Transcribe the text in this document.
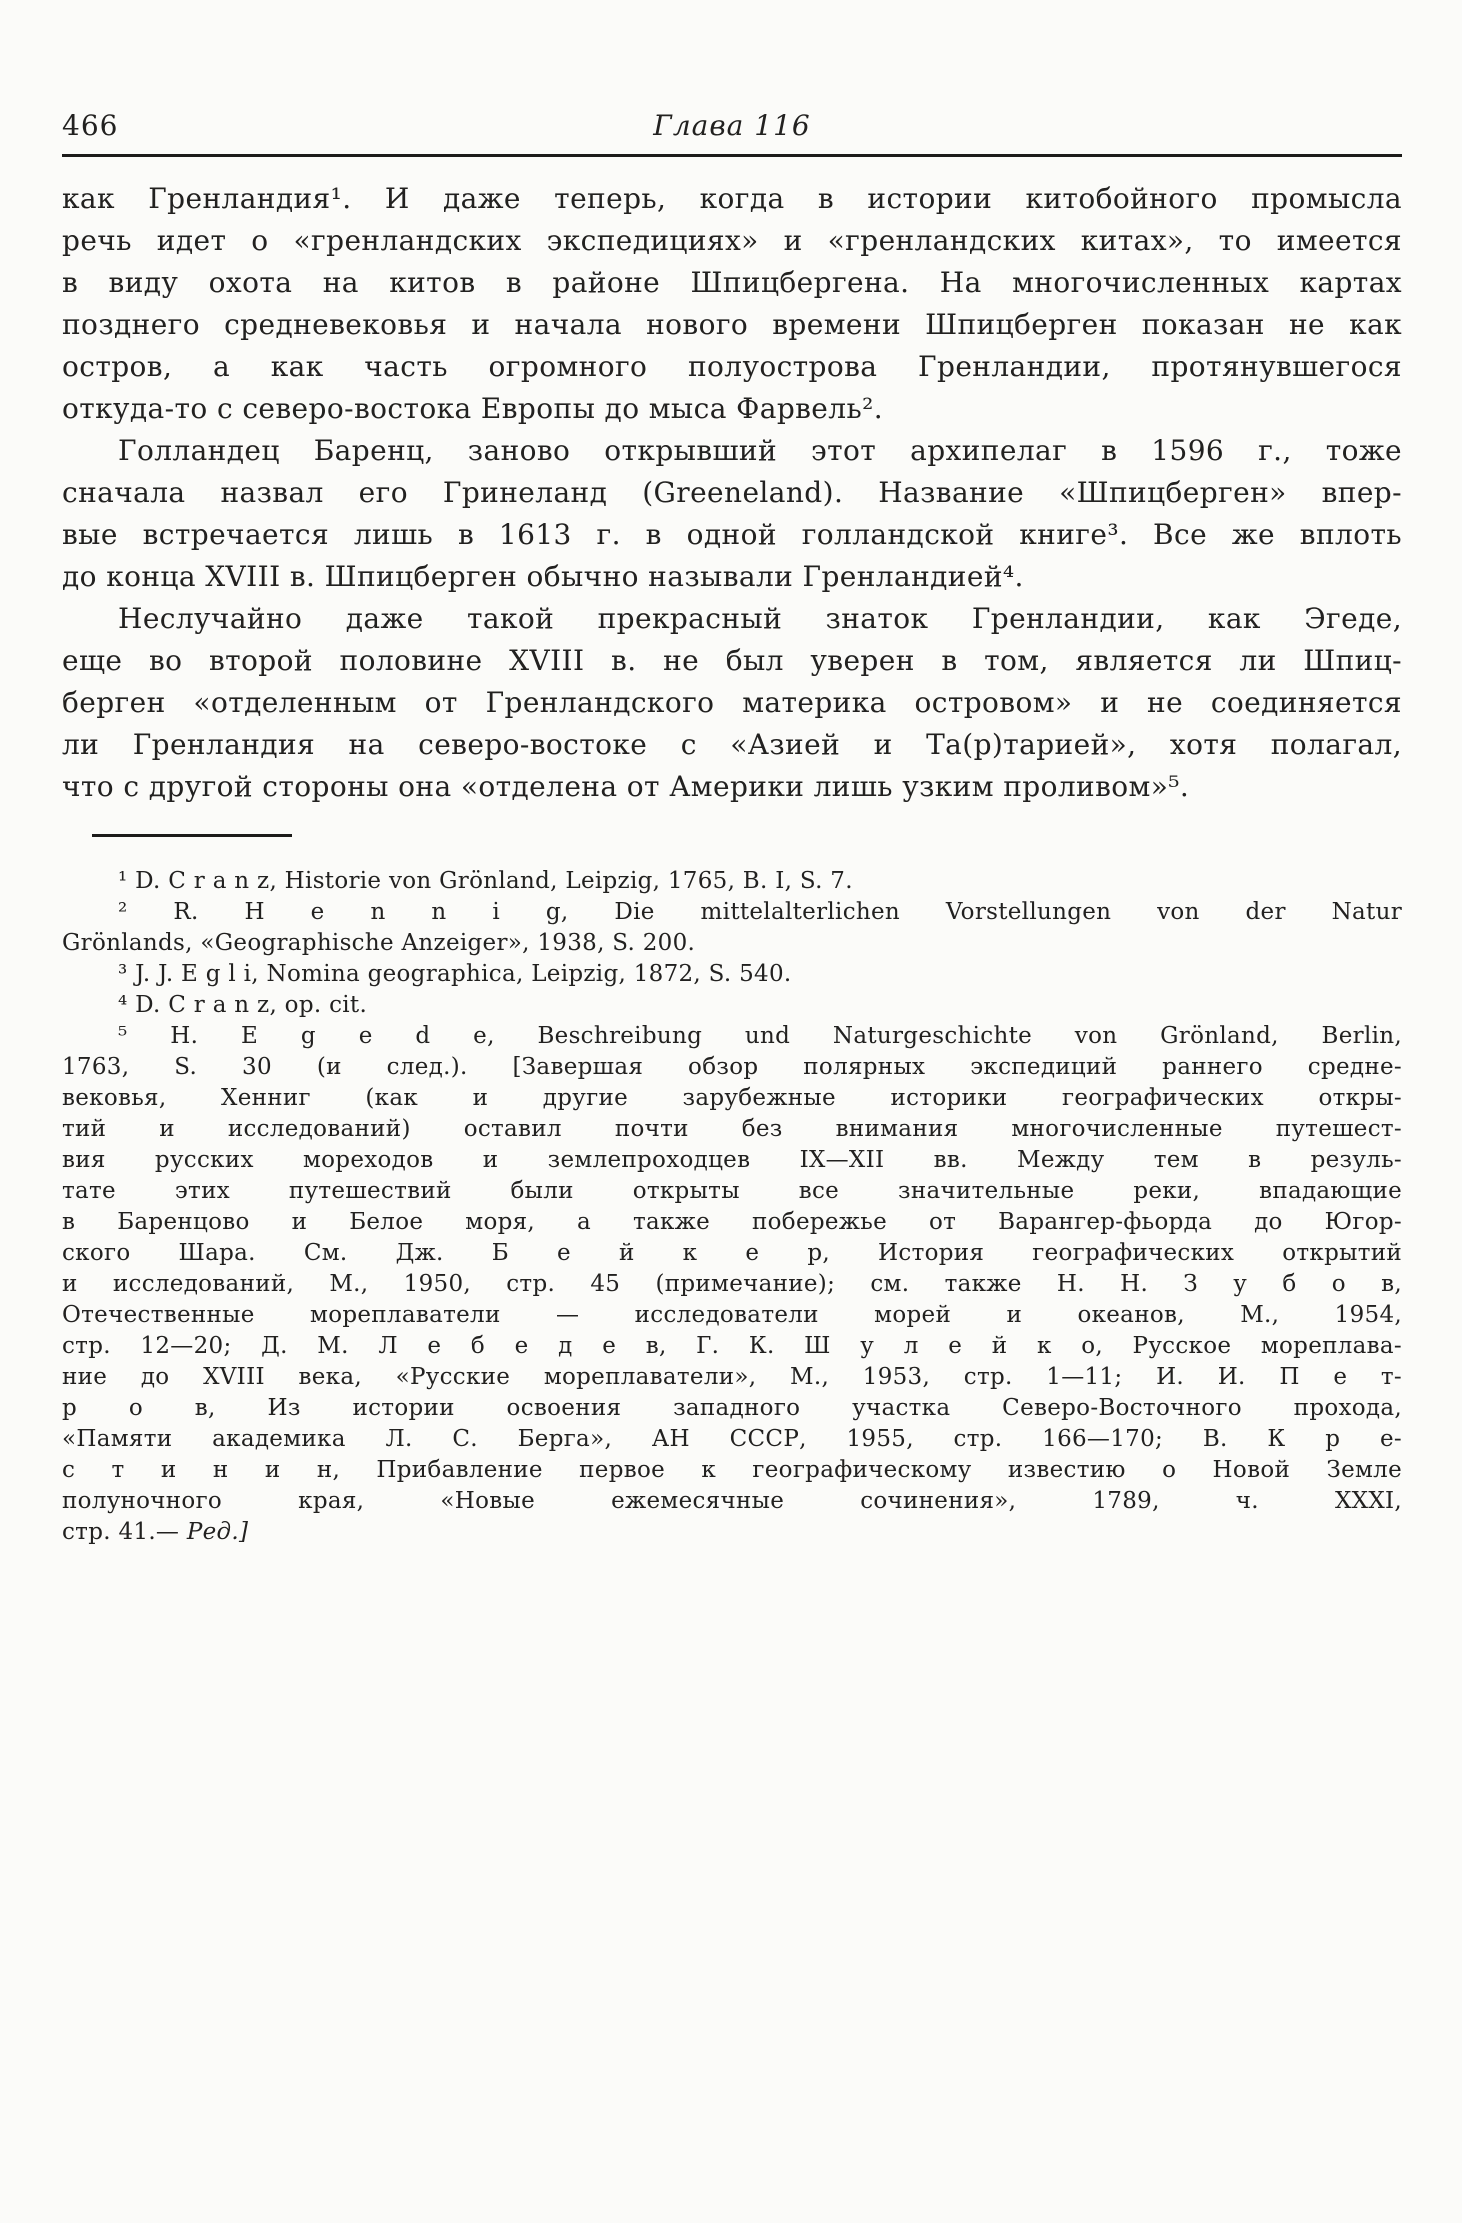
466	Глава 116
как Гренландия¹. И даже теперь, когда в истории китобойного промысла
речь идет о «гренландских экспедициях» и «гренландских китах», то имеется
в виду охота на китов в районе Шпицбергена. На многочисленных картах
позднего средневековья и начала нового времени Шпицберген показан не как
остров, а как часть огромного полуострова Гренландии, протянувшегося
откуда-то с северо-востока Европы до мыса Фарвель².
Голландец Баренц, заново открывший этот архипелаг в 1596 г., тоже
сначала назвал его Гринеланд (Greeneland). Название «Шпицберген» впер-
вые встречается лишь в 1613 г. в одной голландской книге³. Все же вплоть
до конца XVIII в. Шпицберген обычно называли Гренландией⁴.
Неслучайно даже такой прекрасный знаток Гренландии, как Эгеде,
еще во второй половине XVIII в. не был уверен в том, является ли Шпиц-
берген «отделенным от Гренландского материка островом» и не соединяется
ли Гренландия на северо-востоке с «Азией и Та(р)тарией», хотя полагал,
что с другой стороны она «отделена от Америки лишь узким проливом»⁵.
¹ D. C r a n z, Historie von Grönland, Leipzig, 1765, B. I, S. 7.
² R. H e n n i g, Die mittelalterlichen Vorstellungen von der Natur
Grönlands, «Geographische Anzeiger», 1938, S. 200.
³ J. J. E g l i, Nomina geographica, Leipzig, 1872, S. 540.
⁴ D. C r a n z, op. cit.
⁵ H. E g e d e, Beschreibung und Naturgeschichte von Grönland, Berlin,
1763, S. 30 (и след.). [Завершая обзор полярных экспедиций раннего средне-
вековья, Хенниг (как и другие зарубежные историки географических откры-
тий и исследований) оставил почти без внимания многочисленные путешест-
вия русских мореходов и землепроходцев IX—XII вв. Между тем в резуль-
тате этих путешествий были открыты все значительные реки, впадающие
в Баренцово и Белое моря, а также побережье от Варангер-фьорда до Югор-
ского Шара. См. Дж. Б е й к е р, История географических открытий
и исследований, М., 1950, стр. 45 (примечание); см. также Н. Н. З у б о в,
Отечественные мореплаватели — исследователи морей и океанов, М., 1954,
стр. 12—20; Д. М. Л е б е д е в, Г. К. Ш у л е й к о, Русское мореплава-
ние до XVIII века, «Русские мореплаватели», М., 1953, стр. 1—11; И. И. П е т-
р о в, Из истории освоения западного участка Северо-Восточного прохода,
«Памяти академика Л. С. Берга», АН СССР, 1955, стр. 166—170; В. К р е-
с т и н и н, Прибавление первое к географическому известию о Новой Земле
полуночного края, «Новые ежемесячные сочинения», 1789, ч. XXXI,
стр. 41.— Ред.]
